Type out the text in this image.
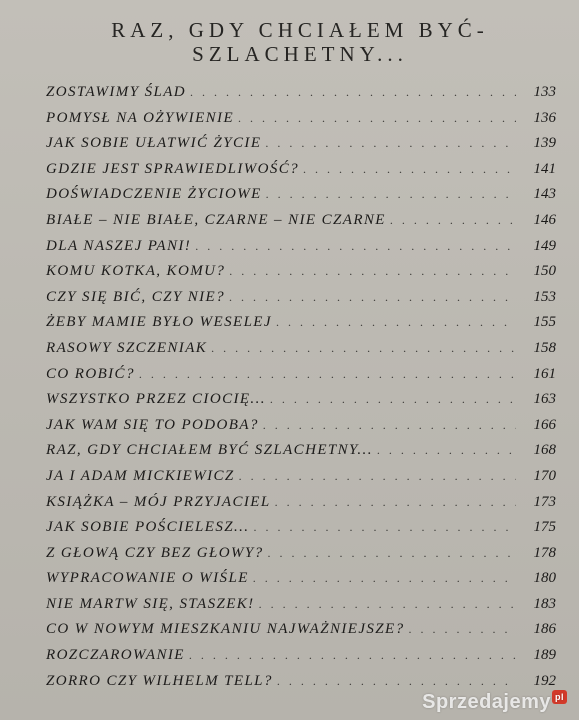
RAZ, GDY CHCIAŁEM BYĆ-
SZLACHETNY...
ZOSTAWIMY ŚLAD . . .	133
POMYSŁ NA OŻYWIENIE . . .	136
JAK SOBIE UŁATWIĆ ŻYCIE . . .	139
GDZIE JEST SPRAWIEDLIWOŚĆ? . . .	141
DOŚWIADCZENIE ŻYCIOWE . . .	143
BIAŁE – NIE BIAŁE, CZARNE – NIE CZARNE . . .	146
DLA NASZEJ PANI! . . .	149
KOMU KOTKA, KOMU? . . .	150
CZY SIĘ BIĆ, CZY NIE? . . .	153
ŻEBY MAMIE BYŁO WESELEJ . . .	155
RASOWY SZCZENIAK . . .	158
CO ROBIĆ? . . .	161
WSZYSTKO PRZEZ CIOCIĘ... . . .	163
JAK WAM SIĘ TO PODOBA? . . .	166
RAZ, GDY CHCIAŁEM BYĆ SZLACHETNY... . . .	168
JA I ADAM MICKIEWICZ . . .	170
KSIĄŻKA – MÓJ PRZYJACIEL . . .	173
JAK SOBIE POŚCIELESZ... . . .	175
Z GŁOWĄ CZY BEZ GŁOWY? . . .	178
WYPRACOWANIE O WIŚLE . . .	180
NIE MARTW SIĘ, STASZEK! . . .	183
CO W NOWYM MIESZKANIU NAJWAŻNIEJSZE? . . .	186
ROZCZAROWANIE . . .	189
ZORRO CZY WILHELM TELL? . . .	192
Sprzedajemy pl
